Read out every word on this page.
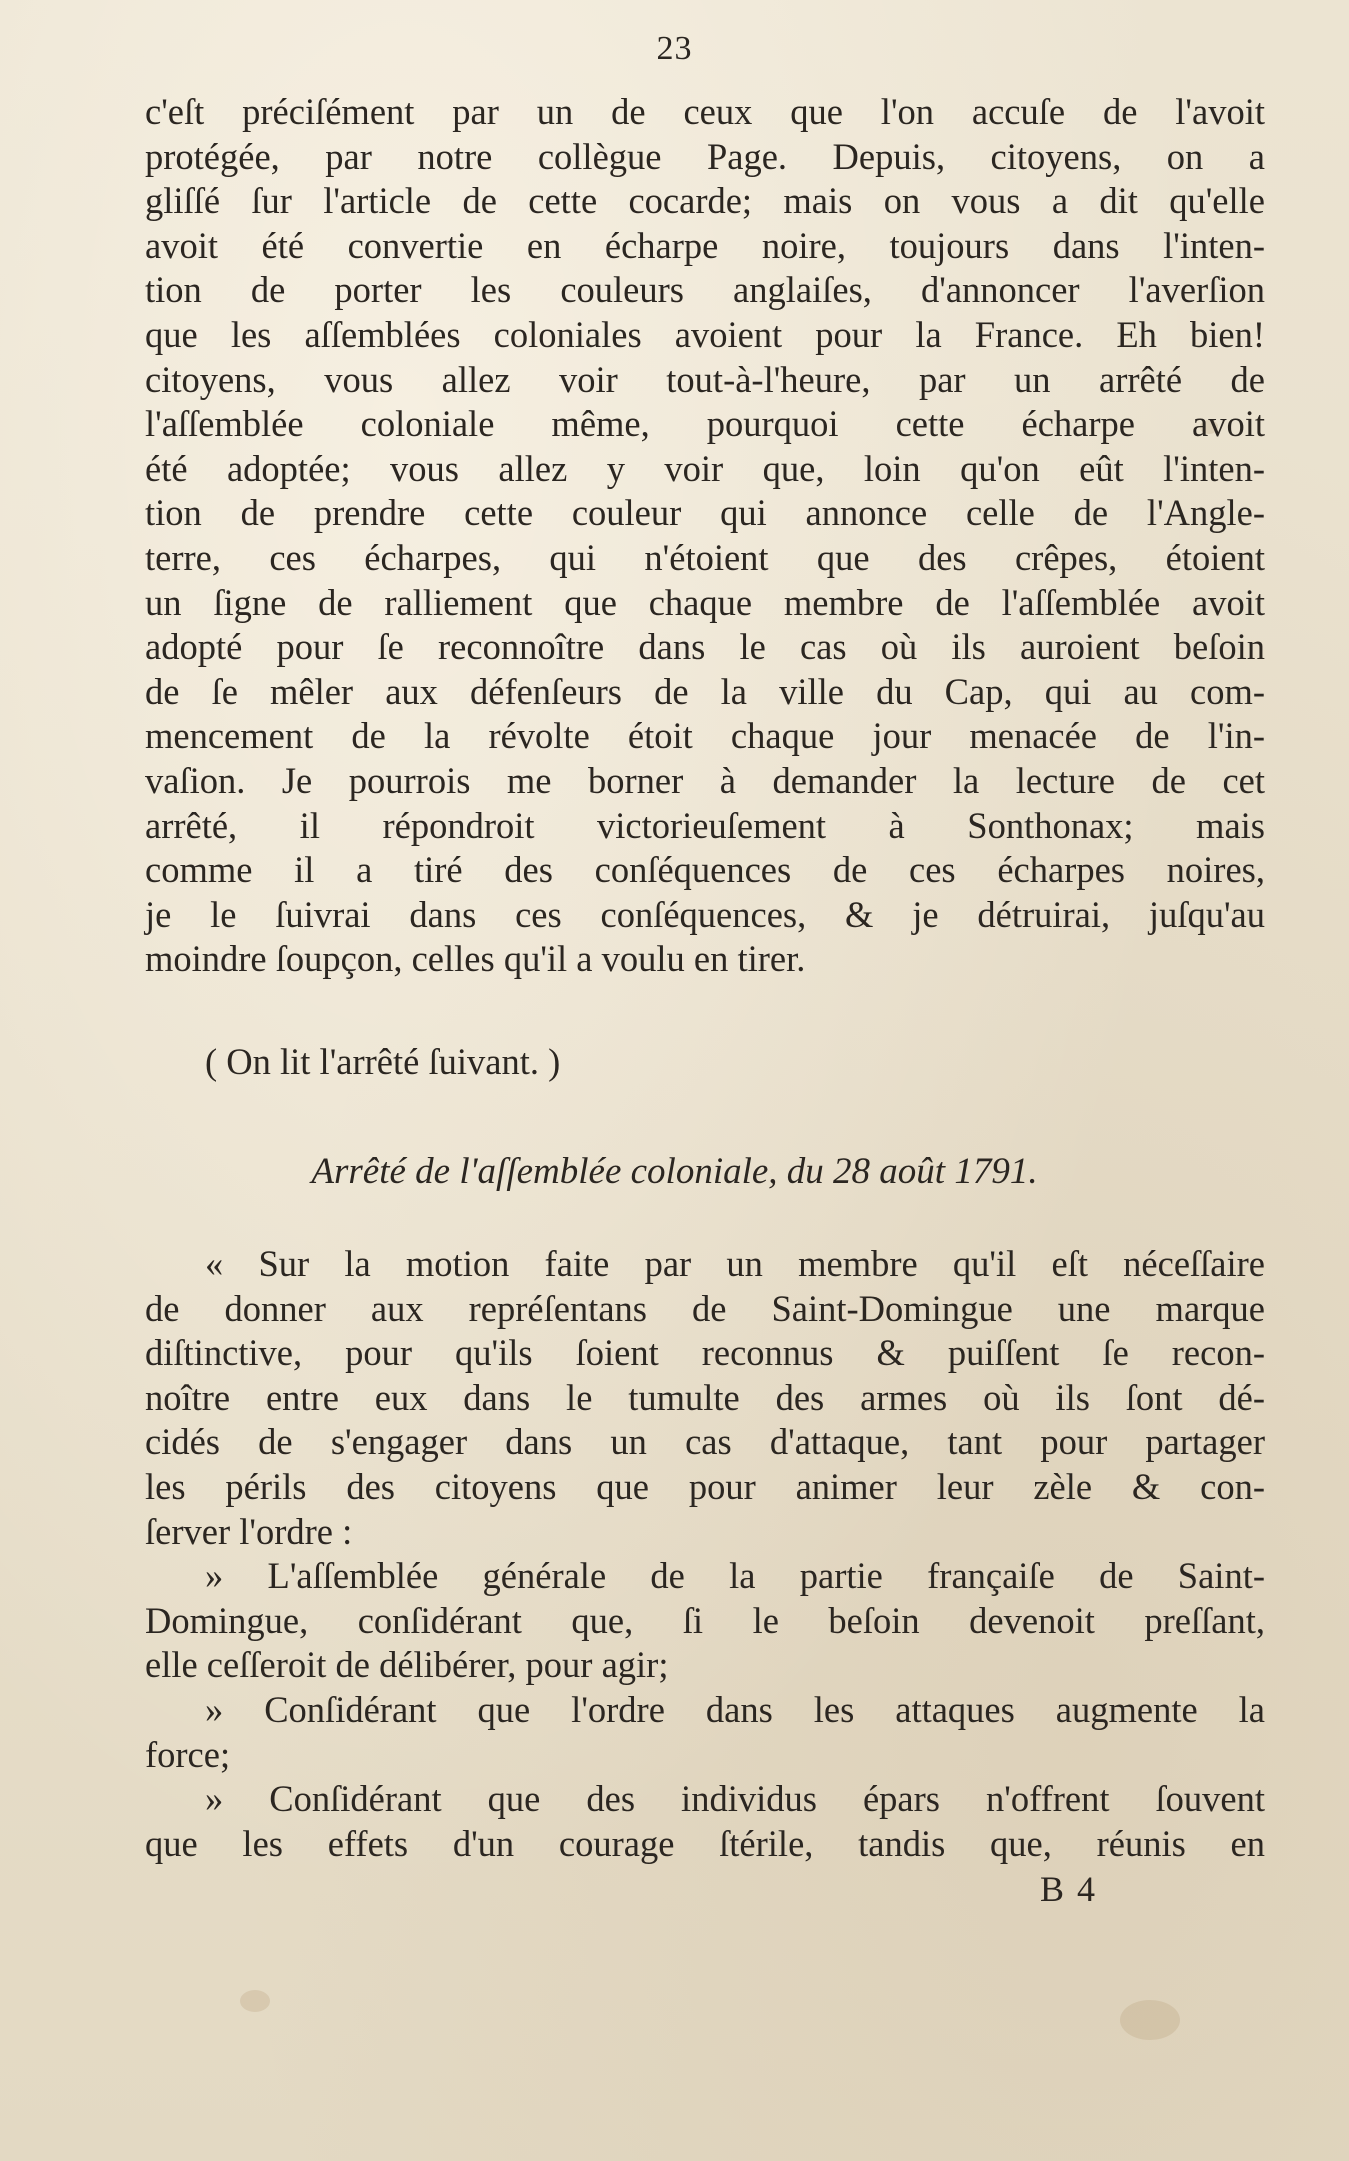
23
c'eſt préciſément par un de ceux que l'on accuſe de l'avoit
protégée, par notre collègue Page. Depuis, citoyens, on a
gliſſé ſur l'article de cette cocarde; mais on vous a dit qu'elle
avoit été convertie en écharpe noire, toujours dans l'inten-
tion de porter les couleurs anglaiſes, d'annoncer l'averſion
que les aſſemblées coloniales avoient pour la France. Eh bien!
citoyens, vous allez voir tout-à-l'heure, par un arrêté de
l'aſſemblée coloniale même, pourquoi cette écharpe avoit
été adoptée; vous allez y voir que, loin qu'on eût l'inten-
tion de prendre cette couleur qui annonce celle de l'Angle-
terre, ces écharpes, qui n'étoient que des crêpes, étoient
un ſigne de ralliement que chaque membre de l'aſſemblée avoit
adopté pour ſe reconnoître dans le cas où ils auroient beſoin
de ſe mêler aux défenſeurs de la ville du Cap, qui au com-
mencement de la révolte étoit chaque jour menacée de l'in-
vaſion. Je pourrois me borner à demander la lecture de cet
arrêté, il répondroit victorieuſement à Sonthonax; mais
comme il a tiré des conſéquences de ces écharpes noires,
je le ſuivrai dans ces conſéquences, & je détruirai, juſqu'au
moindre ſoupçon, celles qu'il a voulu en tirer.
( On lit l'arrêté ſuivant. )
Arrêté de l'aſſemblée coloniale, du 28 août 1791.
« Sur la motion faite par un membre qu'il eſt néceſſaire
de donner aux repréſentans de Saint-Domingue une marque
diſtinctive, pour qu'ils ſoient reconnus & puiſſent ſe recon-
noître entre eux dans le tumulte des armes où ils ſont dé-
cidés de s'engager dans un cas d'attaque, tant pour partager
les périls des citoyens que pour animer leur zèle & con-
ſerver l'ordre :
» L'aſſemblée générale de la partie françaiſe de Saint-
Domingue, conſidérant que, ſi le beſoin devenoit preſſant,
elle ceſſeroit de délibérer, pour agir;
» Conſidérant que l'ordre dans les attaques augmente la
force;
» Conſidérant que des individus épars n'offrent ſouvent
que les effets d'un courage ſtérile, tandis que, réunis en
B 4
